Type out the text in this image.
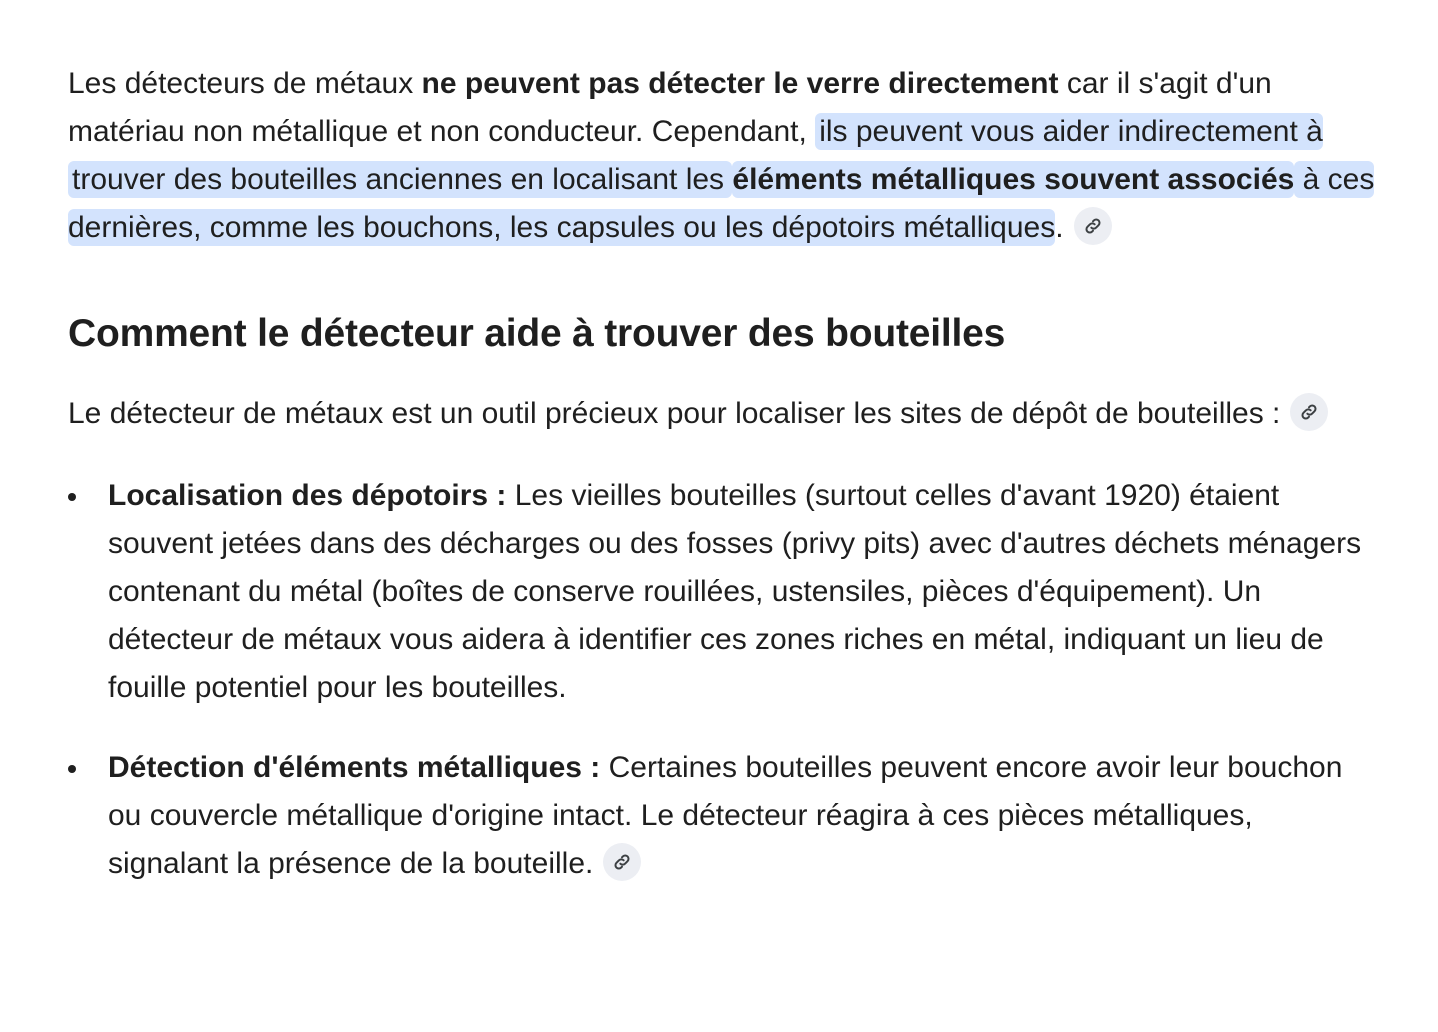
Les détecteurs de métaux ne peuvent pas détecter le verre directement car il s'agit d'un matériau non métallique et non conducteur. Cependant, ils peuvent vous aider indirectement à trouver des bouteilles anciennes en localisant les éléments métalliques souvent associés à ces dernières, comme les bouchons, les capsules ou les dépotoirs métalliques.

Comment le détecteur aide à trouver des bouteilles

Le détecteur de métaux est un outil précieux pour localiser les sites de dépôt de bouteilles :

Localisation des dépotoirs : Les vieilles bouteilles (surtout celles d'avant 1920) étaient souvent jetées dans des décharges ou des fosses (privy pits) avec d'autres déchets ménagers contenant du métal (boîtes de conserve rouillées, ustensiles, pièces d'équipement). Un détecteur de métaux vous aidera à identifier ces zones riches en métal, indiquant un lieu de fouille potentiel pour les bouteilles.
Détection d'éléments métalliques : Certaines bouteilles peuvent encore avoir leur bouchon ou couvercle métallique d'origine intact. Le détecteur réagira à ces pièces métalliques, signalant la présence de la bouteille.
